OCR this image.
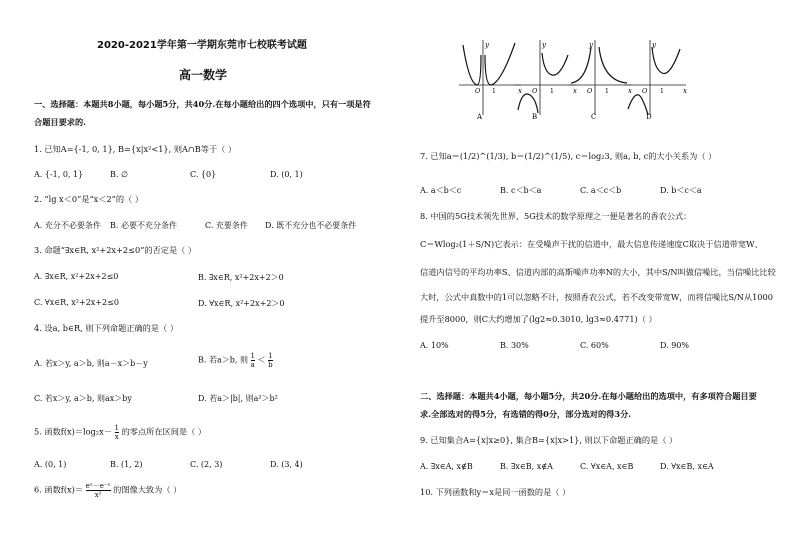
2020-2021学年第一学期东莞市七校联考试题
高一数学
一、选择题：本题共8小题，每小题5分，共40分.在每小题给出的四个选项中，只有一项是符
合题目要求的.
1. 已知A={-1, 0, 1}, B={x|x²<1}, 则A∩B等于（ ）
A. {-1, 0, 1}	B. ∅	C. {0}	D. (0, 1)
2. “lg x＜0”是“x＜2”的（ ）
A. 充分不必要条件 B. 必要不充分条件	C. 充要条件 D. 既不充分也不必要条件
3. 命题“∃x∈R, x²+2x+2≤0”的否定是（ ）
A. ∃x∈R, x²+2x+2≤0	B. ∃x∈R, x²+2x+2＞0
C. ∀x∈R, x²+2x+2≤0	D. ∀x∈R, x²+2x+2＞0
4. 设a, b∈R, 则下列命题正确的是（ ）
A. 若x＞y, a＞b, 则a－x＞b－y	B. 若a＞b, 则 $\frac{1}{a} < \frac{1}{b}$
C. 若x＞y, a＞b, 则ax＞by	D. 若a＞|b|, 则a²＞b²
5. 函数$f(x)=\log_2x- \frac{1}{x}$ 的零点所在区间是（ ）
A. (0, 1)	B. (1, 2)	C. (2, 3)	D. (3, 4)
6. 函数$f(x)= \frac{\text{eˣ－e⁻ˣ}}{\text{x²}}$ 的图像大致为（ ）
y
x
O 1
A
y
x
O 1
B
y
x
O 1
C
y
x
O 1
D
7. 已知a＝(1/2)^(1/3), b＝(1/2)^(1/5), c＝log₂3, 则a, b, c的大小关系为（ ）
A. a＜b＜c	B. c＜b＜a	C. a＜c＜b	D. b＜c＜a
8. 中国的5G技术领先世界，5G技术的数学原理之一便是著名的香农公式：
C＝Wlog₂(1＋S/N)它表示：在受噪声干扰的信道中，最大信息传递速度C取决于信道带宽W、
信道内信号的平均功率S、信道内部的高斯噪声功率N的大小，其中S/N叫做信噪比，当信噪比比较
大时，公式中真数中的1可以忽略不计，按照香农公式，若不改变带宽W，而将信噪比S/N从1000
提升至8000，则C大约增加了(lg2≈0.3010, lg3≈0.4771)（ ）
A. 10%	B. 30%	C. 60%	D. 90%
二、选择题：本题共4小题，每小题5分，共20分.在每小题给出的选项中，有多项符合题目要
求.全部选对的得5分，有选错的得0分，部分选对的得3分.
9. 已知集合A={x|x≥0}, 集合B={x|x>1}, 则以下命题正确的是（ ）
A. ∃x∈A, x∉B	B. ∃x∈B, x∉A	C. ∀x∈A, x∈B	D. ∀x∈B, x∈A
10. 下列函数和y＝x是同一函数的是（ ）
